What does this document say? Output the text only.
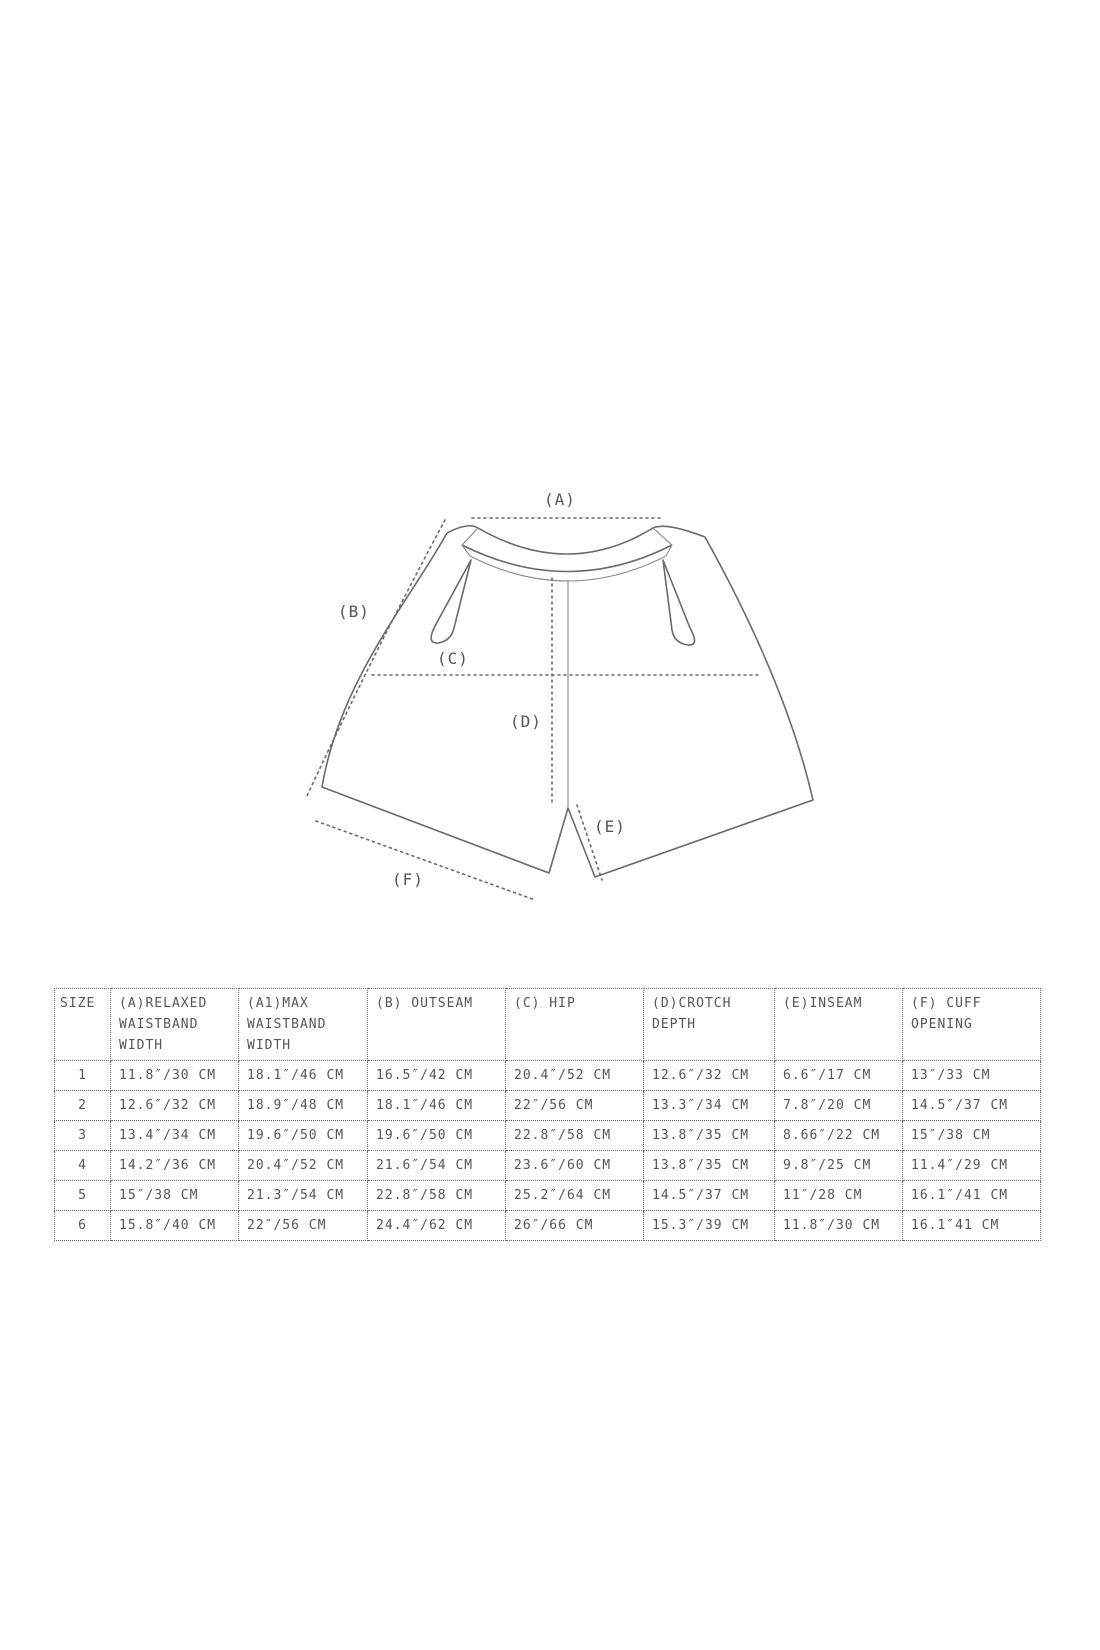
(A)
(B)
(C)
(D)
(E)
(F)
SIZE	(A)RELAXED
WAISTBAND
WIDTH	(A1)MAX
WAISTBAND
WIDTH	(B) OUTSEAM	(C) HIP	(D)CROTCH
DEPTH	(E)INSEAM	(F) CUFF
OPENING

1	11.8″/30 CM	18.1″/46 CM	16.5″/42 CM	20.4″/52 CM	12.6″/32 CM	6.6″/17 CM	13″/33 CM
2	12.6″/32 CM	18.9″/48 CM	18.1″/46 CM	22″/56 CM	13.3″/34 CM	7.8″/20 CM	14.5″/37 CM
3	13.4″/34 CM	19.6″/50 CM	19.6″/50 CM	22.8″/58 CM	13.8″/35 CM	8.66″/22 CM	15″/38 CM
4	14.2″/36 CM	20.4″/52 CM	21.6″/54 CM	23.6″/60 CM	13.8″/35 CM	9.8″/25 CM	11.4″/29 CM
5	15″/38 CM	21.3″/54 CM	22.8″/58 CM	25.2″/64 CM	14.5″/37 CM	11″/28 CM	16.1″/41 CM
6	15.8″/40 CM	22″/56 CM	24.4″/62 CM	26″/66 CM	15.3″/39 CM	11.8″/30 CM	16.1″41 CM
